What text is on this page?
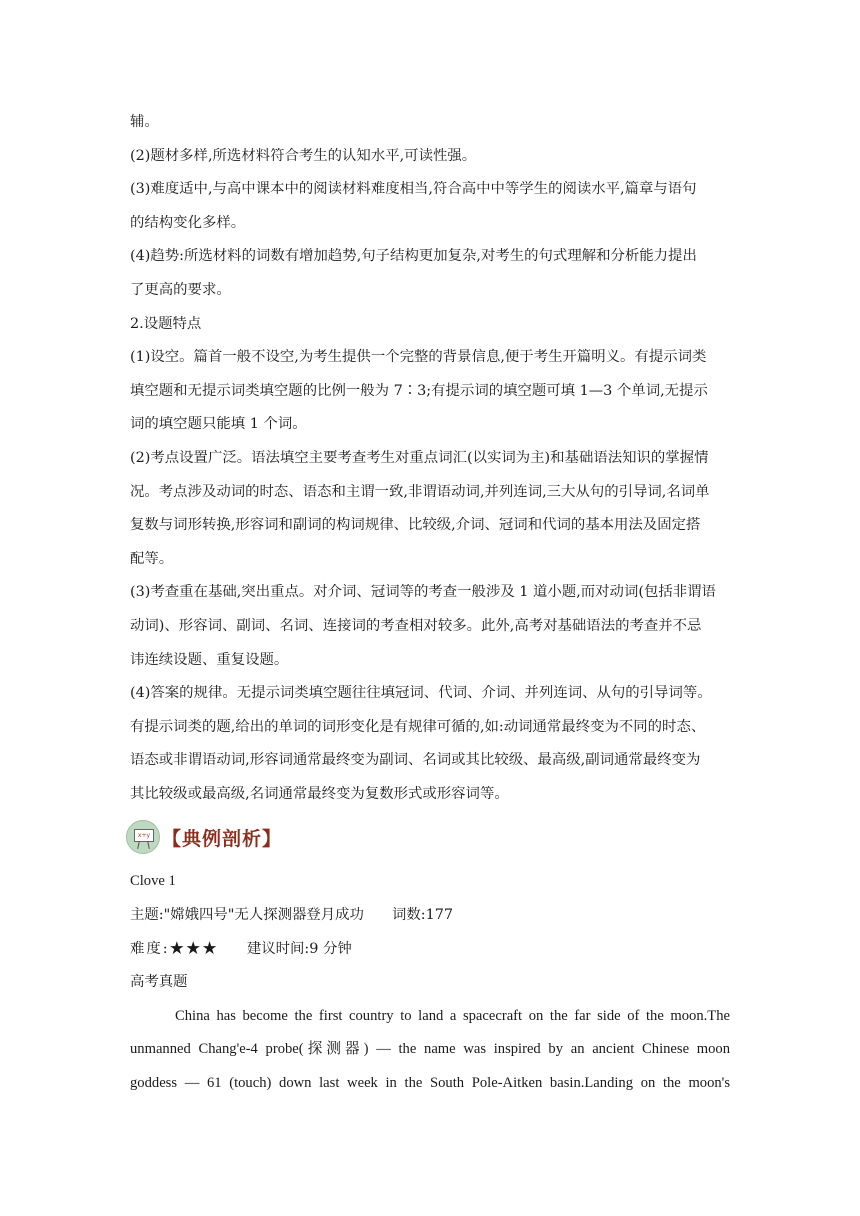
辅。
(2)题材多样,所选材料符合考生的认知水平,可读性强。
(3)难度适中,与高中课本中的阅读材料难度相当,符合高中中等学生的阅读水平,篇章与语句
的结构变化多样。
(4)趋势:所选材料的词数有增加趋势,句子结构更加复杂,对考生的句式理解和分析能力提出
了更高的要求。
2.设题特点
(1)设空。篇首一般不设空,为考生提供一个完整的背景信息,便于考生开篇明义。有提示词类
填空题和无提示词类填空题的比例一般为 7∶3;有提示词的填空题可填 1—3 个单词,无提示
词的填空题只能填 1 个词。
(2)考点设置广泛。语法填空主要考查考生对重点词汇(以实词为主)和基础语法知识的掌握情
况。考点涉及动词的时态、语态和主谓一致,非谓语动词,并列连词,三大从句的引导词,名词单
复数与词形转换,形容词和副词的构词规律、比较级,介词、冠词和代词的基本用法及固定搭
配等。
(3)考查重在基础,突出重点。对介词、冠词等的考查一般涉及 1 道小题,而对动词(包括非谓语
动词)、形容词、副词、名词、连接词的考查相对较多。此外,高考对基础语法的考查并不忌
讳连续设题、重复设题。
(4)答案的规律。无提示词类填空题往往填冠词、代词、介词、并列连词、从句的引导词等。
有提示词类的题,给出的单词的词形变化是有规律可循的,如:动词通常最终变为不同的时态、
语态或非谓语动词,形容词通常最终变为副词、名词或其比较级、最高级,副词通常最终变为
其比较级或最高级,名词通常最终变为复数形式或形容词等。
x+y 【典例剖析】
Clove 1
主题:"嫦娥四号"无人探测器登月成功 词数:177
难度:★★★ 建议时间:9 分钟
高考真题
China has become the first country to land a spacecraft on the far side of the moon.The
unmanned Chang'e-4 probe(探测器) — the name was inspired by an ancient Chinese moon
goddess — 61 (touch) down last week in the South Pole-Aitken basin.Landing on the moon's
